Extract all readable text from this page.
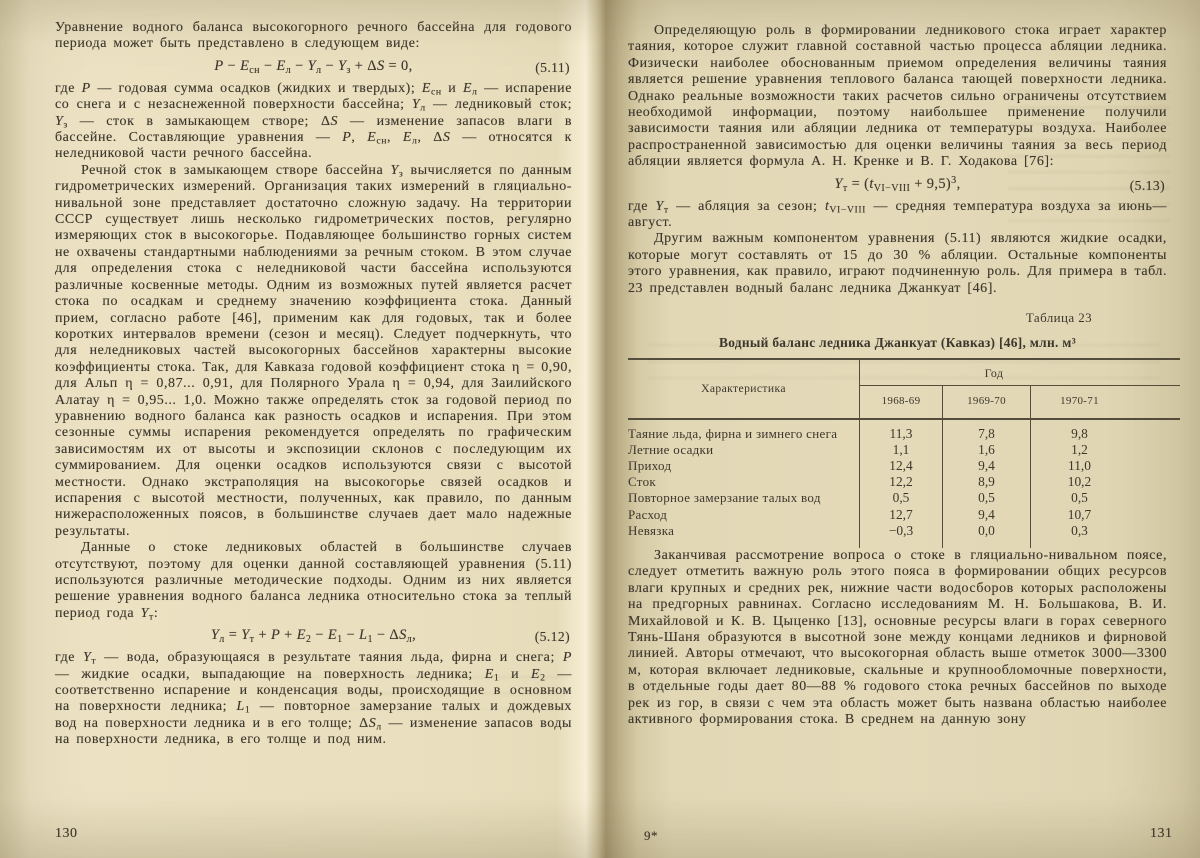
Уравнение водного баланса высокогорного речного бассейна для годового периода может быть представлено в следующем виде:

$P - E_{сн} - E_л - Y_л - Y_з + \Delta S = 0$,	(5.11)

где P — годовая сумма осадков (жидких и твердых); $E_{сн}$ и $E_л$ — испарение со снега и с незаснеженной поверхности бассейна; $Y_л$ — ледниковый сток; $Y_з$ — сток в замыкающем створе; ΔS — изменение запасов влаги в бассейне. Составляющие уравнения — P, $E_{сн}$, $E_л$, ΔS — относятся к неледниковой части речного бассейна.

Речной сток в замыкающем створе бассейна $Y_з$ вычисляется по данным гидрометрических измерений. Организация таких измерений в гляциально-нивальной зоне представляет достаточно сложную задачу. На территории СССР существует лишь несколько гидрометрических постов, регулярно измеряющих сток в высокогорье. Подавляющее большинство горных систем не охвачены стандартными наблюдениями за речным стоком. В этом случае для определения стока с неледниковой части бассейна используются различные косвенные методы. Одним из возможных путей является расчет стока по осадкам и среднему значению коэффициента стока. Данный прием, согласно работе [46], применим как для годовых, так и более коротких интервалов времени (сезон и месяц). Следует подчеркнуть, что для неледниковых частей высокогорных бассейнов характерны высокие коэффициенты стока. Так, для Кавказа годовой коэффициент стока η = 0,90, для Альп η = 0,87... 0,91, для Полярного Урала η = 0,94, для Заилийского Алатау η = 0,95... 1,0. Можно также определять сток за годовой период по уравнению водного баланса как разность осадков и испарения. При этом сезонные суммы испарения рекомендуется определять по графическим зависимостям их от высоты и экспозиции склонов с последующим их суммированием. Для оценки осадков используются связи с высотой местности. Однако экстраполяция на высокогорье связей осадков и испарения с высотой местности, полученных, как правило, по данным нижерасположенных поясов, в большинстве случаев дает мало надежные результаты.

Данные о стоке ледниковых областей в большинстве случаев отсутствуют, поэтому для оценки данной составляющей уравнения (5.11) используются различные методические подходы. Одним из них является решение уравнения водного баланса ледника относительно стока за теплый период года $Y_т$:

$Y_л = Y_т + P + E_2 - E_1 - L_1 - \Delta S_л$,	(5.12)

где $Y_т$ — вода, образующаяся в результате таяния льда, фирна и снега; P — жидкие осадки, выпадающие на поверхность ледника; $E_1$ и $E_2$ — соответственно испарение и конденсация воды, происходящие в основном на поверхности ледника; $L_1$ — повторное замерзание талых и дождевых вод на поверхности ледника и в его толще; $\Delta S_л$ — изменение запасов воды на поверхности ледника, в его толще и под ним.

Определяющую роль в формировании ледникового стока играет характер таяния, которое служит главной составной частью процесса абляции ледника. Физически наиболее обоснованным приемом определения величины таяния является решение уравнения теплового баланса тающей поверхности ледника. Однако реальные возможности таких расчетов сильно ограничены отсутствием необходимой информации, поэтому наибольшее применение получили зависимости таяния или абляции ледника от температуры воздуха. Наиболее распространенной зависимостью для оценки величины таяния за весь период абляции является формула А. Н. Кренке и В. Г. Ходакова [76]:

$Y_т = (t_{VI-VIII} + 9,5)^3$,	(5.13)

где $Y_т$ — абляция за сезон; $t_{VI-VIII}$ — средняя температура воздуха за июнь—август.

Другим важным компонентом уравнения (5.11) являются жидкие осадки, которые могут составлять от 15 до 30 % абляции. Остальные компоненты этого уравнения, как правило, играют подчиненную роль. Для примера в табл. 23 представлен водный баланс ледника Джанкуат [46].

Таблица 23
Водный баланс ледника Джанкуат (Кавказ) [46], млн. м³
Характеристика
Год
1968-69	1969-70	1970-71
Таяние льда, фирна и зимнего снега	11,3	7,8	9,8
Летние осадки	1,1	1,6	1,2
Приход	12,4	9,4	11,0
Сток	12,2	8,9	10,2
Повторное замерзание талых вод	0,5	0,5	0,5
Расход	12,7	9,4	10,7
Невязка	−0,3	0,0	0,3

Заканчивая рассмотрение вопроса о стоке в гляциально-нивальном поясе, следует отметить важную роль этого пояса в формировании общих ресурсов влаги крупных и средних рек, нижние части водосборов которых расположены на предгорных равнинах. Согласно исследованиям М. Н. Большакова, В. И. Михайловой и К. В. Цыценко [13], основные ресурсы влаги в горах северного Тянь-Шаня образуются в высотной зоне между концами ледников и фирновой линией. Авторы отмечают, что высокогорная область выше отметок 3000—3300 м, которая включает ледниковые, скальные и крупнообломочные поверхности, в отдельные годы дает 80—88 % годового стока речных бассейнов по выходе рек из гор, в связи с чем эта область может быть названа областью наиболее активного формирования стока. В среднем на данную зону

130	9*	131
